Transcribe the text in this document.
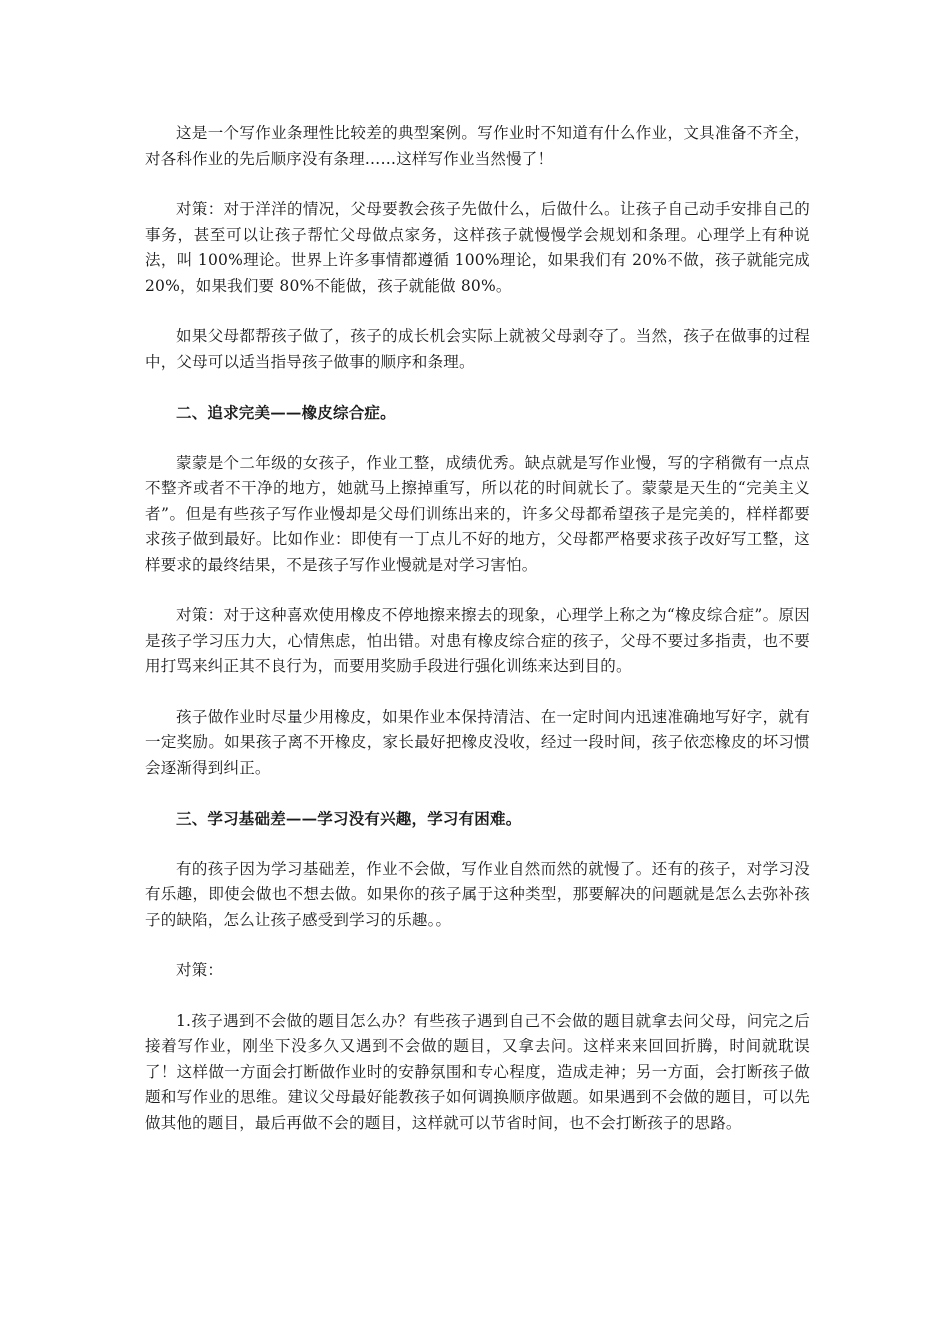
这是一个写作业条理性比较差的典型案例。写作业时不知道有什么作业，文具准备不齐全，对各科作业的先后顺序没有条理……这样写作业当然慢了！

对策：对于洋洋的情况，父母要教会孩子先做什么，后做什么。让孩子自己动手安排自己的事务，甚至可以让孩子帮忙父母做点家务，这样孩子就慢慢学会规划和条理。心理学上有种说法，叫 100%理论。世界上许多事情都遵循 100%理论，如果我们有 20%不做，孩子就能完成 20%，如果我们要 80%不能做，孩子就能做 80%。

如果父母都帮孩子做了，孩子的成长机会实际上就被父母剥夺了。当然，孩子在做事的过程中，父母可以适当指导孩子做事的顺序和条理。

二、追求完美——橡皮综合症。

蒙蒙是个二年级的女孩子，作业工整，成绩优秀。缺点就是写作业慢，写的字稍微有一点点不整齐或者不干净的地方，她就马上擦掉重写，所以花的时间就长了。蒙蒙是天生的“完美主义者”。但是有些孩子写作业慢却是父母们训练出来的，许多父母都希望孩子是完美的，样样都要求孩子做到最好。比如作业：即使有一丁点儿不好的地方，父母都严格要求孩子改好写工整，这样要求的最终结果，不是孩子写作业慢就是对学习害怕。

对策：对于这种喜欢使用橡皮不停地擦来擦去的现象，心理学上称之为“橡皮综合症”。原因是孩子学习压力大，心情焦虑，怕出错。对患有橡皮综合症的孩子，父母不要过多指责，也不要用打骂来纠正其不良行为，而要用奖励手段进行强化训练来达到目的。

孩子做作业时尽量少用橡皮，如果作业本保持清洁、在一定时间内迅速准确地写好字，就有一定奖励。如果孩子离不开橡皮，家长最好把橡皮没收，经过一段时间，孩子依恋橡皮的坏习惯会逐渐得到纠正。

三、学习基础差——学习没有兴趣，学习有困难。

有的孩子因为学习基础差，作业不会做，写作业自然而然的就慢了。还有的孩子，对学习没有乐趣，即使会做也不想去做。如果你的孩子属于这种类型，那要解决的问题就是怎么去弥补孩子的缺陷，怎么让孩子感受到学习的乐趣。。

对策：

1.孩子遇到不会做的题目怎么办？有些孩子遇到自己不会做的题目就拿去问父母，问完之后接着写作业，刚坐下没多久又遇到不会做的题目，又拿去问。这样来来回回折腾，时间就耽误了！这样做一方面会打断做作业时的安静氛围和专心程度，造成走神；另一方面，会打断孩子做题和写作业的思维。建议父母最好能教孩子如何调换顺序做题。如果遇到不会做的题目，可以先做其他的题目，最后再做不会的题目，这样就可以节省时间，也不会打断孩子的思路。
